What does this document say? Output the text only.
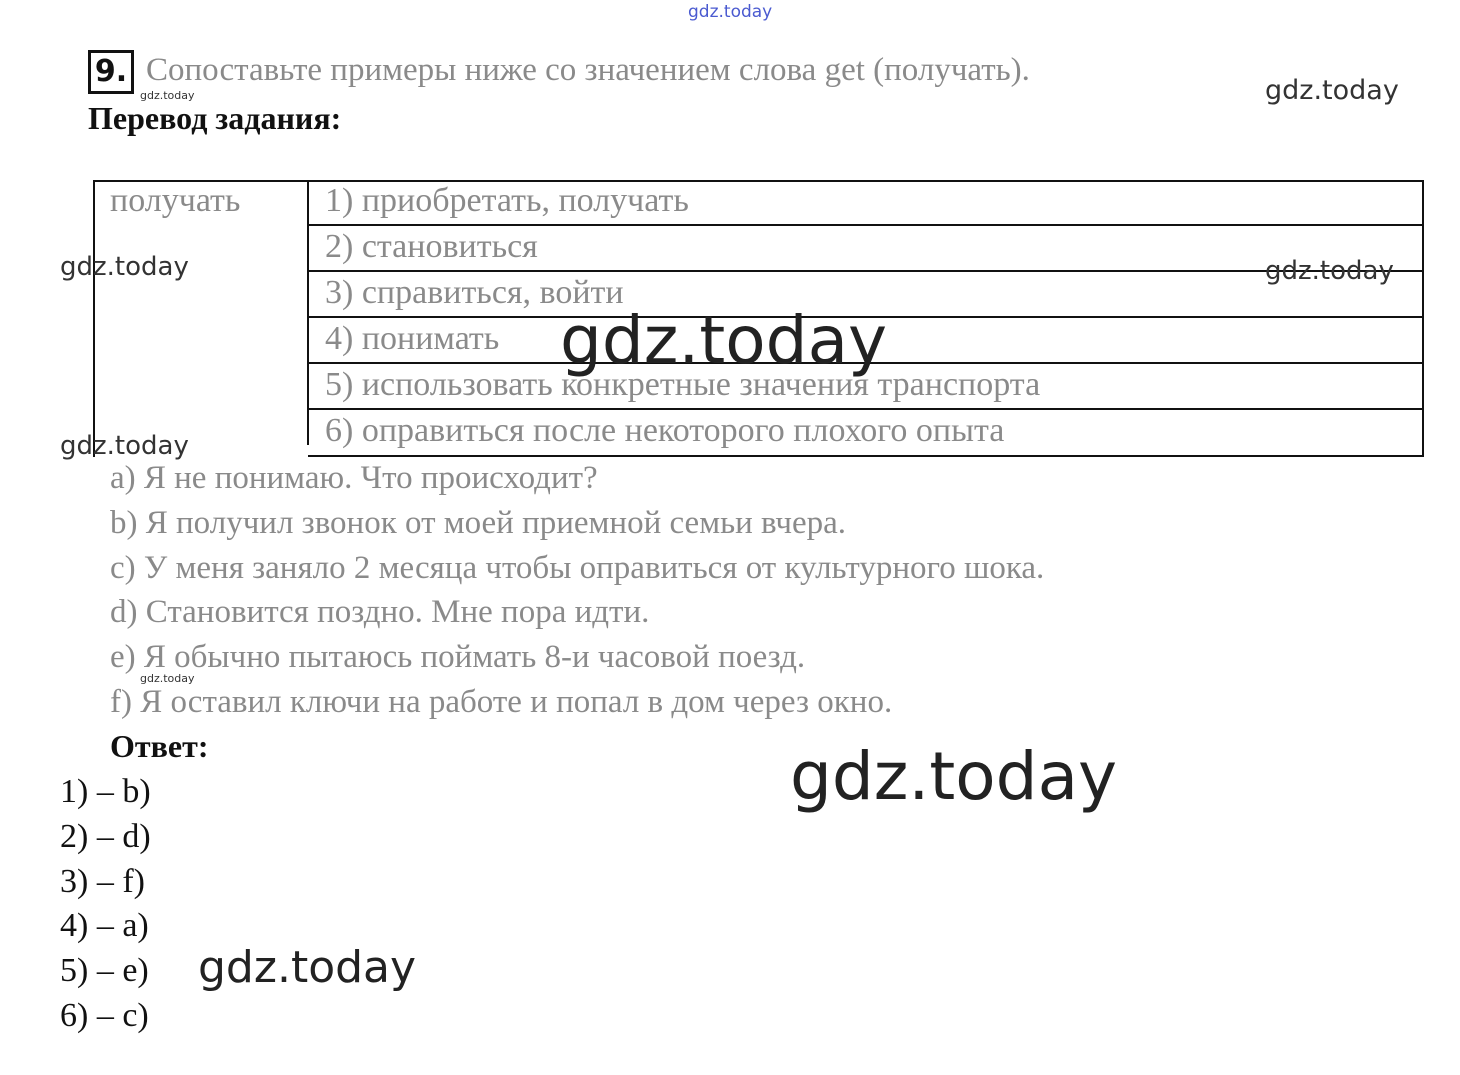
9. Сопоставьте примеры ниже со значением слова get (получать).
Перевод задания:
получать 1) приобретать, получать
2) становиться
3) справиться, войти
4) понимать
5) использовать конкретные значения транспорта
6) оправиться после некоторого плохого опыта
a) Я не понимаю. Что происходит?
b) Я получил звонок от моей приемной семьи вчера.
c) У меня заняло 2 месяца чтобы оправиться от культурного шока.
d) Становится поздно. Мне пора идти.
e) Я обычно пытаюсь поймать 8-и часовой поезд.
f) Я оставил ключи на работе и попал в дом через окно.
Ответ:
1) – b)
2) – d)
3) – f)
4) – a)
5) – e)
6) – c)
gdz.today
gdz.today	gdz.today
gdz.today	gdz.today
gdz.today
gdz.today
gdz.today
gdz.today
gdz.today
